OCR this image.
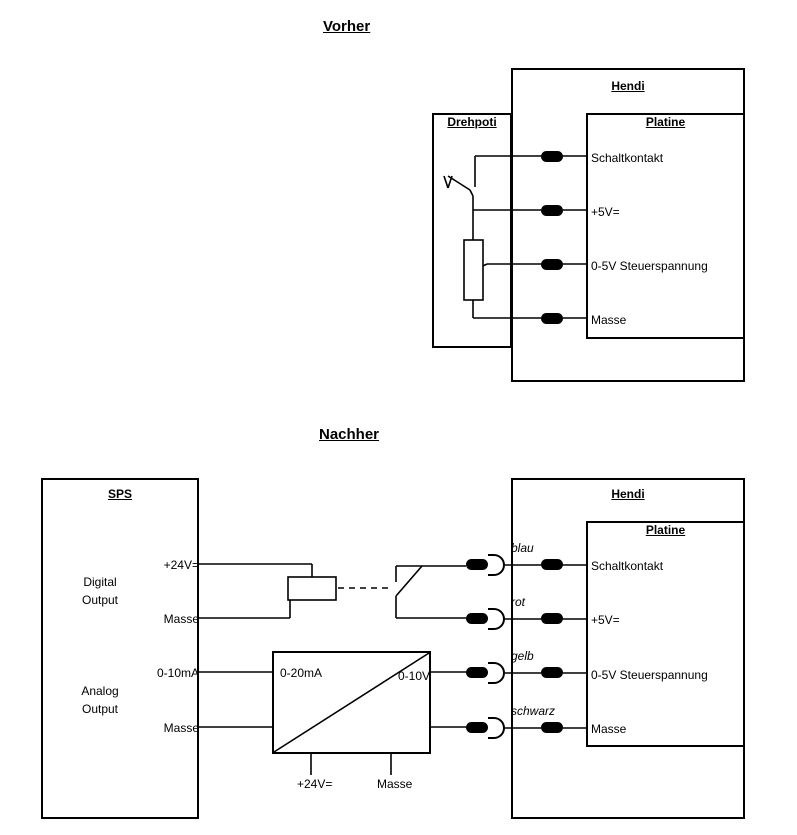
Vorher
Nachher
Hendi
Platine
Drehpoti
Schaltkontakt
+5V=
0-5V Steuerspannung
Masse
SPS
Digital
Output
Analog
Output
+24V=
Masse
0-10mA
Masse
0-20mA	0-10V
+24V=	Masse
Hendi
Platine
blau
rot
gelb
schwarz
Schaltkontakt
+5V=
0-5V Steuerspannung
Masse
